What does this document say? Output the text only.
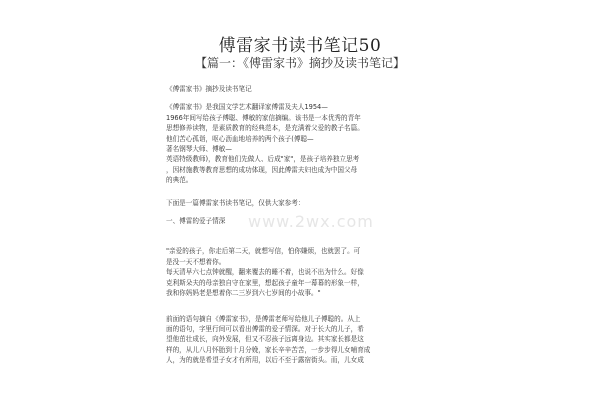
傅雷家书读书笔记50
【篇一：《傅雷家书》摘抄及读书笔记】
www.2wx.com

《傅雷家书》摘抄及读书笔记

《傅雷家书》是我国文学艺术翻译家傅雷及夫人1954—

1966年间写给孩子傅聪、傅敏的家信摘编。该书是一本优秀的青年

思想修养读物，是素质教育的经典范本，是充满着父爱的教子名篇。

他们苦心孤诣，呕心沥血地培养的两个孩子(傅聪—

著名钢琴大师、傅敏—

英语特级教师)，教育他们先做人、后成"家"，是孩子培养独立思考

，因材施教等教育思想的成功体现，因此傅雷夫妇也成为中国父母

的典范。

下面是一篇傅雷家书读书笔记，仅供大家参考：

一、傅雷的爱子情深

"亲爱的孩子，你走后第二天，就想写信，怕你嫌烦，也就罢了。可

是没一天不想着你。

每天清早六七点钟就醒，翻来覆去的睡不着，也说不出为什么。好像

克利斯朵夫的母亲独自守在家里，想起孩子童年一幕幕的形象一样，

我和你妈妈老是想着你二三岁到六七岁间的小故事。"

前面的语句摘自《傅雷家书》，是傅雷老师写给他儿子傅聪的。从上

面的语句，字里行间可以看出傅雷的爱子情深。对于长大的儿子，希

望他茁壮成长，向外发展，但又不忍孩子远离身边。其实家长都是这

样的，从儿八月怀胎到十月分娩，家长辛辛苦苦，一步步得儿女哺育成

人，为的就是希望子女才有所用，以后不至于露宿街头。而，儿女成
